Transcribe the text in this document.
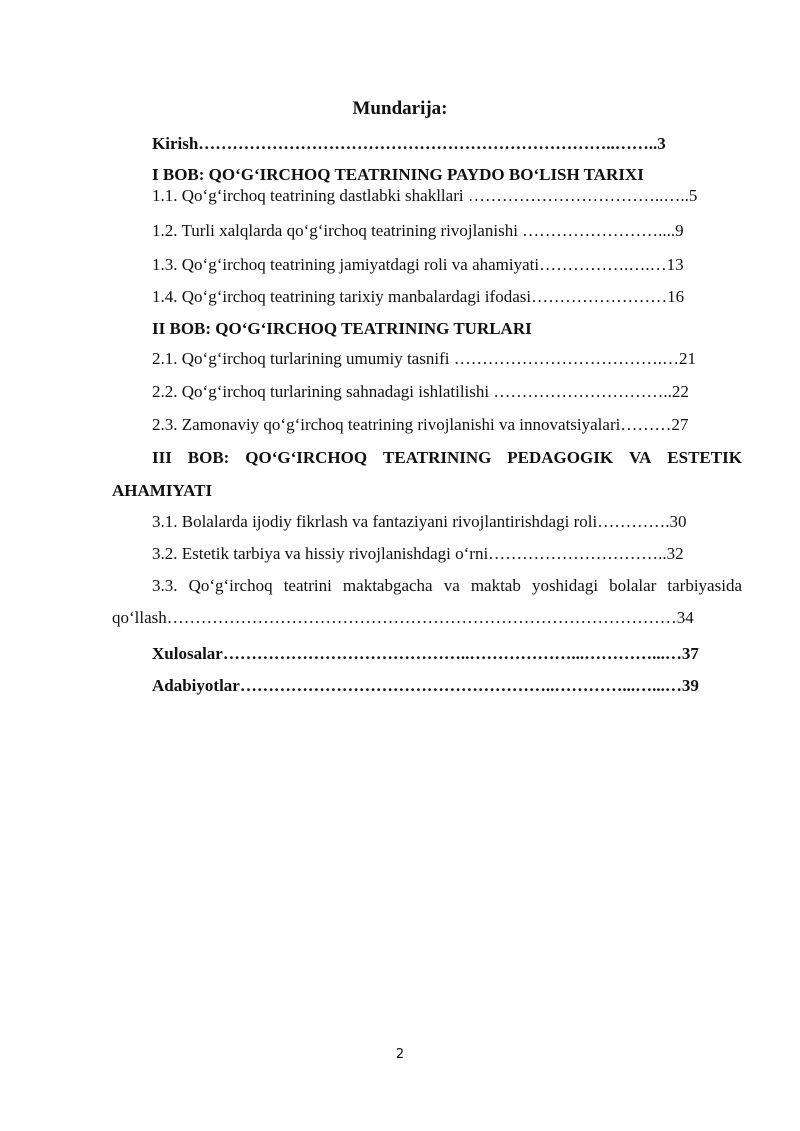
Mundarija:
Kirish………………………………………………………………..……..3
I BOB: QO‘G‘IRCHOQ TEATRINING PAYDO BO‘LISH TARIXI
1.1. Qo‘g‘irchoq teatrining dastlabki shakllari ……………………………..…..5
1.2. Turli xalqlarda qo‘g‘irchoq teatrining rivojlanishi ……………………....9
1.3. Qo‘g‘irchoq teatrining jamiyatdagi roli va ahamiyati…………….….…13
1.4. Qo‘g‘irchoq teatrining tarixiy manbalardagi ifodasi……………………16
II BOB: QO‘G‘IRCHOQ TEATRINING TURLARI
2.1. Qo‘g‘irchoq turlarining umumiy tasnifi ……………………………….…21
2.2. Qo‘g‘irchoq turlarining sahnadagi ishlatilishi …………………………..22
2.3. Zamonaviy qo‘g‘irchoq teatrining rivojlanishi va innovatsiyalari………27
III BOB: QO‘G‘IRCHOQ TEATRINING PEDAGOGIK VA ESTETIK
AHAMIYATI
3.1. Bolalarda ijodiy fikrlash va fantaziyani rivojlantirishdagi roli………….30
3.2. Estetik tarbiya va hissiy rivojlanishdagi o‘rni…………………………..32
3.3. Qo‘g‘irchoq teatrini maktabgacha va maktab yoshidagi bolalar tarbiyasida
qo‘llash………………………………………………………………………………34
Xulosalar……………………………………..………………...…………...…37
Adabiyotlar………………………………………………..…………...…...…39
2
